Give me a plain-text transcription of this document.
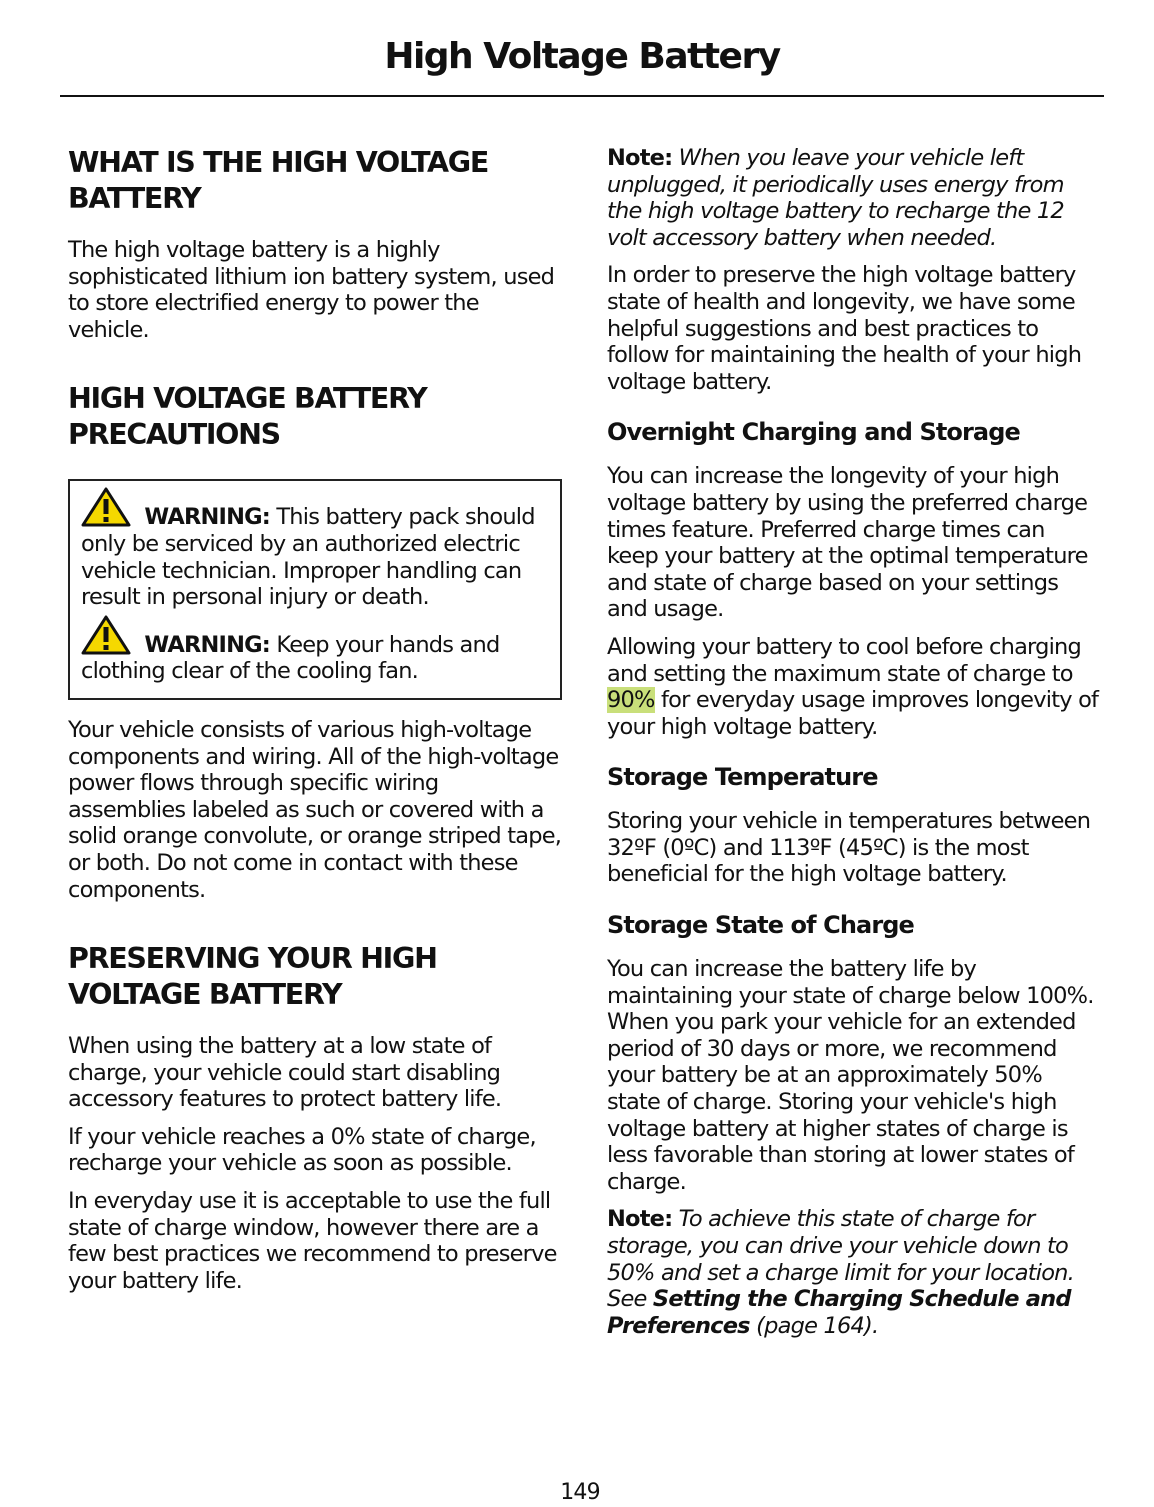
High Voltage Battery
WHAT IS THE HIGH VOLTAGE BATTERY

The high voltage battery is a highly sophisticated lithium ion battery system, used to store electrified energy to power the vehicle.

HIGH VOLTAGE BATTERY PRECAUTIONS

WARNING: This battery pack should only be serviced by an authorized electric vehicle technician. Improper handling can result in personal injury or death.

WARNING: Keep your hands and clothing clear of the cooling fan.

Your vehicle consists of various high-voltage components and wiring. All of the high-voltage power flows through specific wiring assemblies labeled as such or covered with a solid orange convolute, or orange striped tape, or both. Do not come in contact with these components.

PRESERVING YOUR HIGH VOLTAGE BATTERY

When using the battery at a low state of charge, your vehicle could start disabling accessory features to protect battery life.

If your vehicle reaches a 0% state of charge, recharge your vehicle as soon as possible.

In everyday use it is acceptable to use the full state of charge window, however there are a few best practices we recommend to preserve your battery life.

Note: When you leave your vehicle left unplugged, it periodically uses energy from the high voltage battery to recharge the 12 volt accessory battery when needed.

In order to preserve the high voltage battery state of health and longevity, we have some helpful suggestions and best practices to follow for maintaining the health of your high voltage battery.

Overnight Charging and Storage

You can increase the longevity of your high voltage battery by using the preferred charge times feature. Preferred charge times can keep your battery at the optimal temperature and state of charge based on your settings and usage.

Allowing your battery to cool before charging and setting the maximum state of charge to 90% for everyday usage improves longevity of your high voltage battery.

Storage Temperature

Storing your vehicle in temperatures between 32ºF (0ºC) and 113ºF (45ºC) is the most beneficial for the high voltage battery.

Storage State of Charge

You can increase the battery life by maintaining your state of charge below 100%. When you park your vehicle for an extended period of 30 days or more, we recommend your battery be at an approximately 50% state of charge. Storing your vehicle's high voltage battery at higher states of charge is less favorable than storing at lower states of charge.

Note: To achieve this state of charge for storage, you can drive your vehicle down to 50% and set a charge limit for your location. See Setting the Charging Schedule and Preferences (page 164).

149
